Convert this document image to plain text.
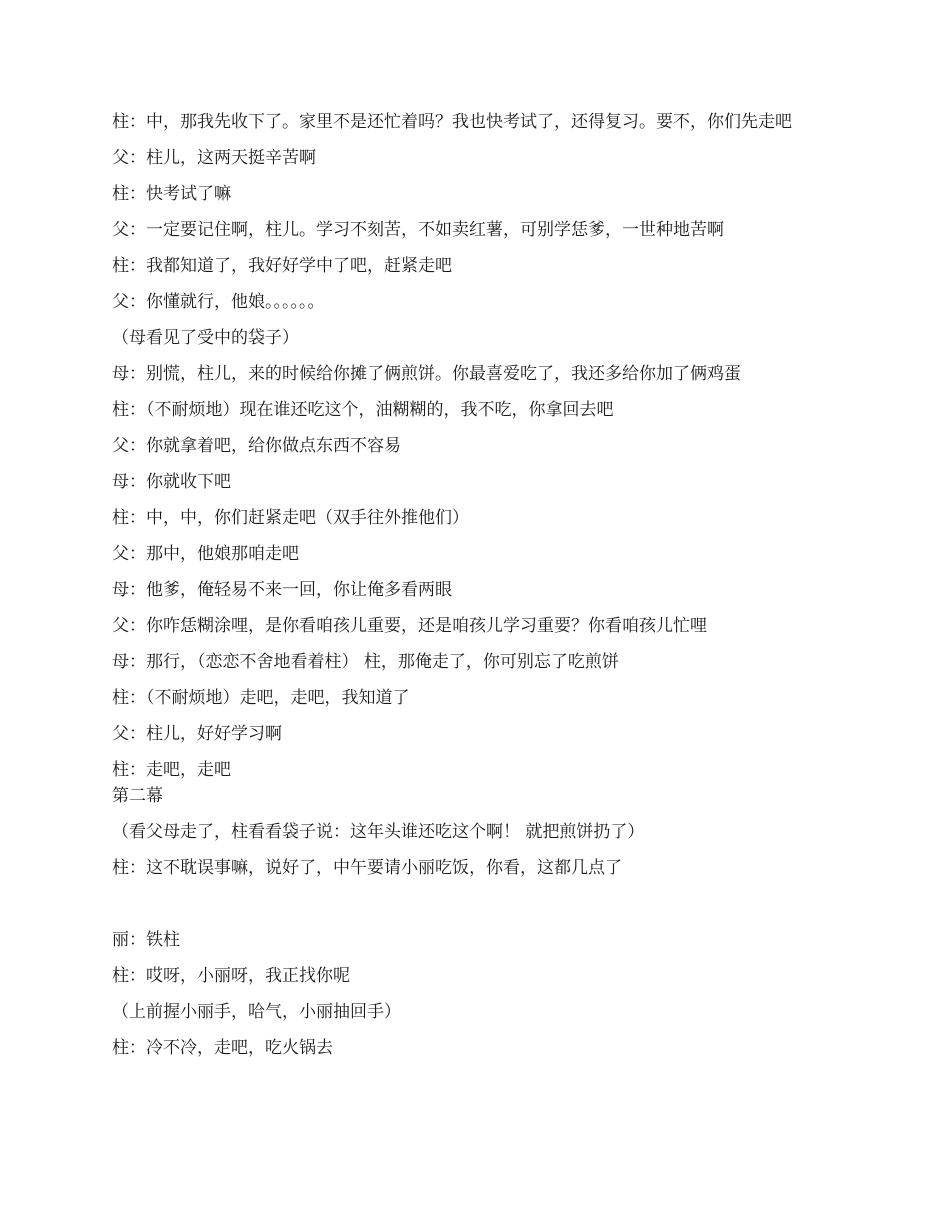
柱：中，那我先收下了。家里不是还忙着吗？我也快考试了，还得复习。要不，你们先走吧

父：柱儿，这两天挺辛苦啊

柱：快考试了嘛

父：一定要记住啊，柱儿。学习不刻苦，不如卖红薯，可别学恁爹，一世种地苦啊

柱：我都知道了，我好好学中了吧，赶紧走吧

父：你懂就行，他娘。。。。。。

（母看见了受中的袋子）

母：别慌，柱儿，来的时候给你摊了俩煎饼。你最喜爱吃了，我还多给你加了俩鸡蛋

柱：（不耐烦地）现在谁还吃这个，油糊糊的，我不吃，你拿回去吧

父：你就拿着吧，给你做点东西不容易

母：你就收下吧

柱：中，中，你们赶紧走吧（双手往外推他们）

父：那中，他娘那咱走吧

母：他爹，俺轻易不来一回，你让俺多看两眼

父：你咋恁糊涂哩，是你看咱孩儿重要，还是咱孩儿学习重要？你看咱孩儿忙哩

母：那行，（恋恋不舍地看着柱） 柱，那俺走了，你可别忘了吃煎饼

柱：（不耐烦地）走吧，走吧，我知道了

父：柱儿，好好学习啊

柱：走吧，走吧

第二幕

（看父母走了，柱看看袋子说：这年头谁还吃这个啊！ 就把煎饼扔了）

柱：这不耽误事嘛，说好了，中午要请小丽吃饭，你看，这都几点了

丽：铁柱

柱：哎呀，小丽呀，我正找你呢

（上前握小丽手，哈气，小丽抽回手）

柱：冷不冷，走吧，吃火锅去
